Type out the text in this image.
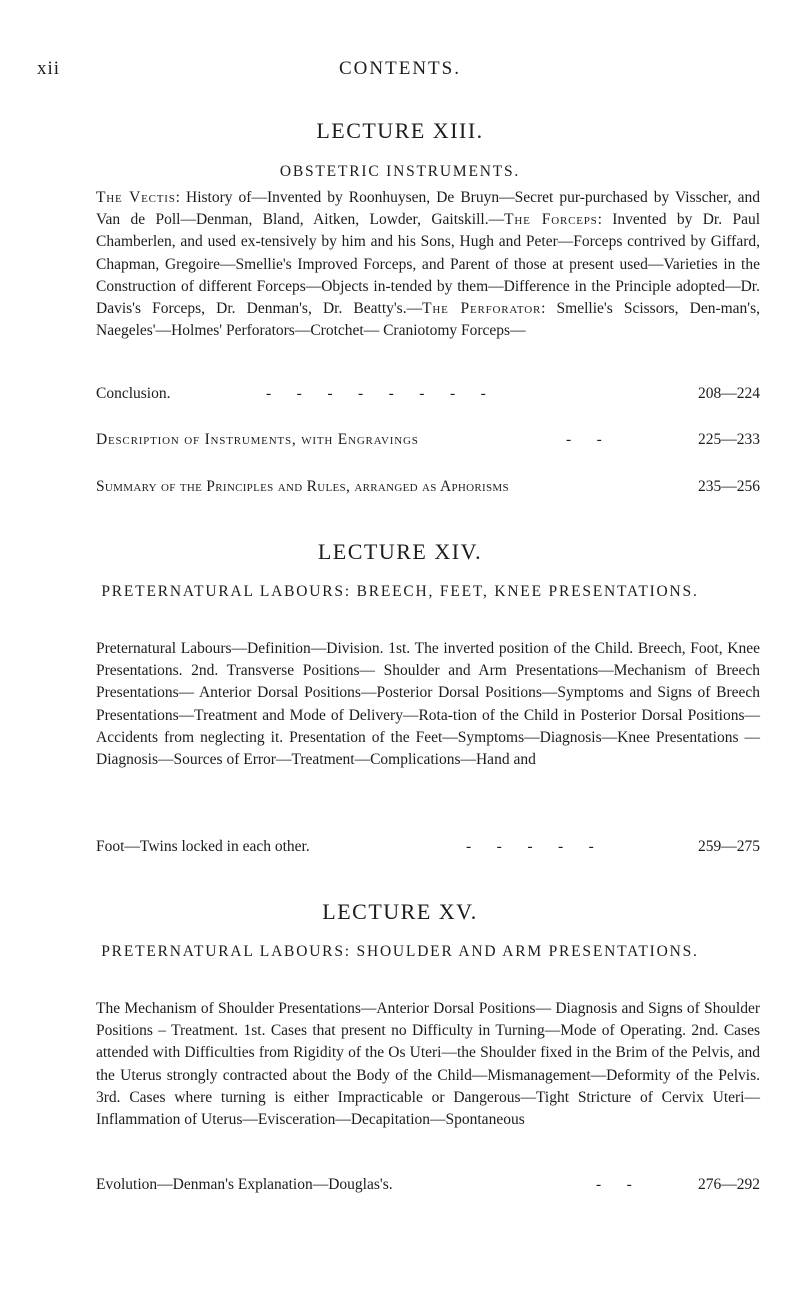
xii	CONTENTS.
LECTURE XIII.
OBSTETRIC INSTRUMENTS.
The Vectis: History of—Invented by Roonhuysen, De Bruyn—Secret pur-purchased by Visscher, and Van de Poll—Denman, Bland, Aitken, Lowder, Gaitskill.—The Forceps: Invented by Dr. Paul Chamberlen, and used ex-tensively by him and his Sons, Hugh and Peter—Forceps contrived by Giffard, Chapman, Gregoire—Smellie's Improved Forceps, and Parent of those at present used—Varieties in the Construction of different Forceps—Objects in-tended by them—Difference in the Principle adopted—Dr. Davis's Forceps, Dr. Denman's, Dr. Beatty's.—The Perforator: Smellie's Scissors, Den-man's, Naegeles'—Holmes' Perforators—Crotchet— Craniotomy Forceps—
Conclusion.	-    -    -    -    -    -    -    -	208—224
Description of Instruments, with Engravings	-    -	225—233
Summary of the Principles and Rules, arranged as Aphorisms	235—256
LECTURE XIV.
PRETERNATURAL LABOURS: BREECH, FEET, KNEE PRESENTATIONS.
Preternatural Labours—Definition—Division. 1st. The inverted position of the Child. Breech, Foot, Knee Presentations. 2nd. Transverse Positions— Shoulder and Arm Presentations—Mechanism of Breech Presentations— Anterior Dorsal Positions—Posterior Dorsal Positions—Symptoms and Signs of Breech Presentations—Treatment and Mode of Delivery—Rota-tion of the Child in Posterior Dorsal Positions—Accidents from neglecting it. Presentation of the Feet—Symptoms—Diagnosis—Knee Presentations —Diagnosis—Sources of Error—Treatment—Complications—Hand and
Foot—Twins locked in each other.	-    -    -    -    -	259—275
LECTURE XV.
PRETERNATURAL LABOURS: SHOULDER AND ARM PRESENTATIONS.
The Mechanism of Shoulder Presentations—Anterior Dorsal Positions— Diagnosis and Signs of Shoulder Positions – Treatment. 1st. Cases that present no Difficulty in Turning—Mode of Operating. 2nd. Cases attended with Difficulties from Rigidity of the Os Uteri—the Shoulder fixed in the Brim of the Pelvis, and the Uterus strongly contracted about the Body of the Child—Mismanagement—Deformity of the Pelvis. 3rd. Cases where turning is either Impracticable or Dangerous—Tight Stricture of Cervix Uteri—Inflammation of Uterus—Evisceration—Decapitation—Spontaneous
Evolution—Denman's Explanation—Douglas's.	-    -	276—292
